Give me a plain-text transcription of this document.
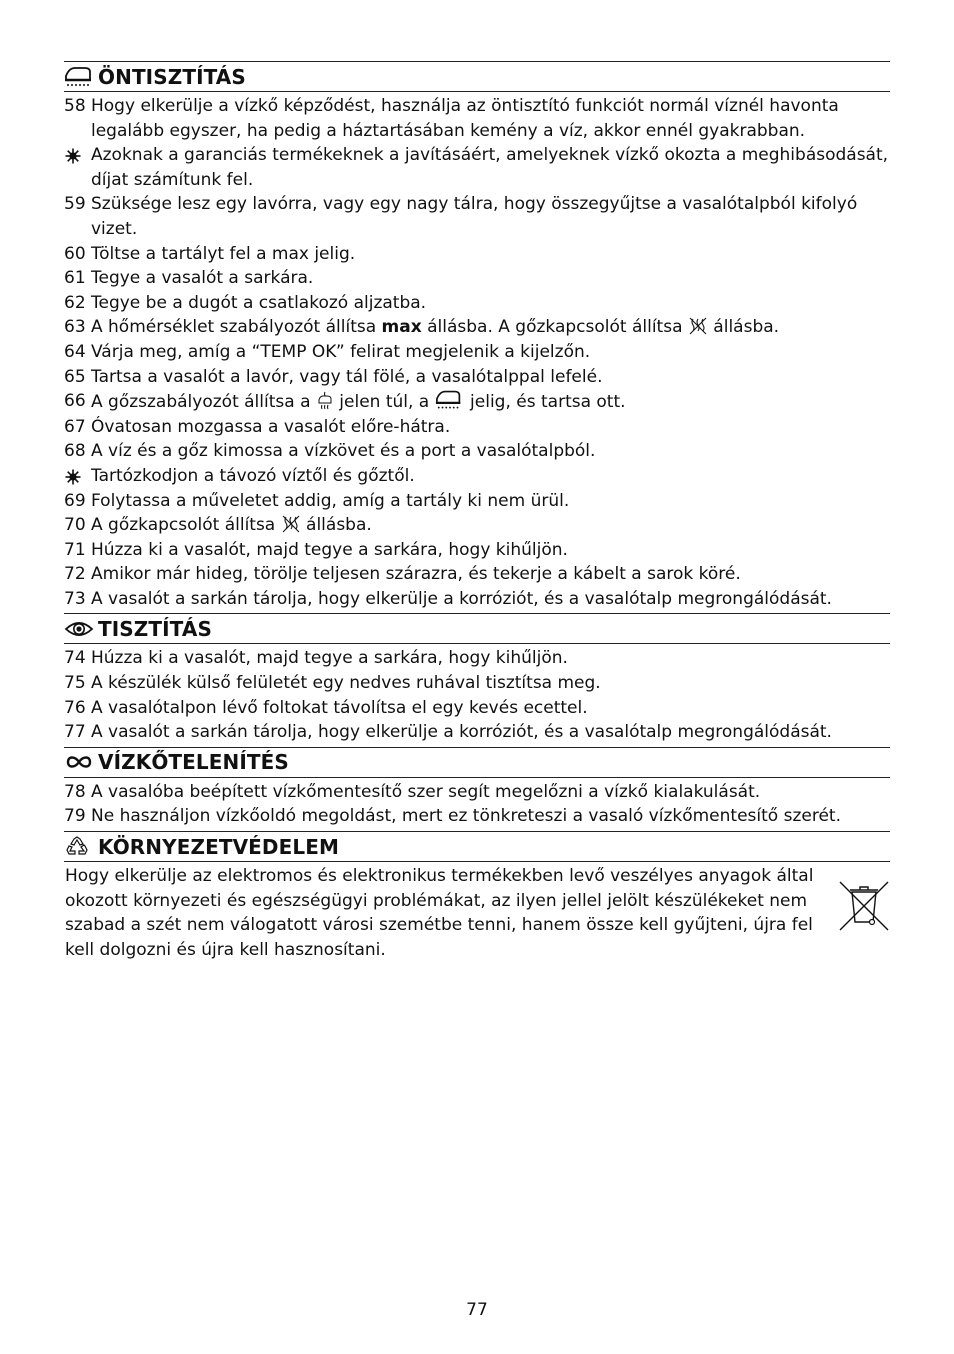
ÖNTISZTÍTÁS
58 Hogy elkerülje a vízkő képződést, használja az öntisztító funkciót normál víznél havonta legalább egyszer, ha pedig a háztartásában kemény a víz, akkor ennél gyakrabban.
Azoknak a garanciás termékeknek a javításáért, amelyeknek vízkő okozta a meghibásodását, díjat számítunk fel.
59 Szüksége lesz egy lavórra, vagy egy nagy tálra, hogy összegyűjtse a vasalótalpból kifolyó vizet.
60 Töltse a tartályt fel a max jelig.
61 Tegye a vasalót a sarkára.
62 Tegye be a dugót a csatlakozó aljzatba.
63 A hőmérséklet szabályozót állítsa max állásba. A gőzkapcsolót állítsa  állásba.
64 Várja meg, amíg a “TEMP OK” felirat megjelenik a kijelzőn.
65 Tartsa a vasalót a lavór, vagy tál fölé, a vasalótalppal lefelé.
66 A gőzszabályozót állítsa a  jelen túl, a  jelig, és tartsa ott.
67 Óvatosan mozgassa a vasalót előre-hátra.
68 A víz és a gőz kimossa a vízkövet és a port a vasalótalpból.
Tartózkodjon a távozó víztől és gőztől.
69 Folytassa a műveletet addig, amíg a tartály ki nem ürül.
70 A gőzkapcsolót állítsa  állásba.
71 Húzza ki a vasalót, majd tegye a sarkára, hogy kihűljön.
72 Amikor már hideg, törölje teljesen szárazra, és tekerje a kábelt a sarok köré.
73 A vasalót a sarkán tárolja, hogy elkerülje a korróziót, és a vasalótalp megrongálódását.
TISZTÍTÁS
74 Húzza ki a vasalót, majd tegye a sarkára, hogy kihűljön.
75 A készülék külső felületét egy nedves ruhával tisztítsa meg.
76 A vasalótalpon lévő foltokat távolítsa el egy kevés ecettel.
77 A vasalót a sarkán tárolja, hogy elkerülje a korróziót, és a vasalótalp megrongálódását.
VÍZKŐTELENÍTÉS
78 A vasalóba beépített vízkőmentesítő szer segít megelőzni a vízkő kialakulását.
79 Ne használjon vízkőoldó megoldást, mert ez tönkreteszi a vasaló vízkőmentesítő szerét.
KÖRNYEZETVÉDELEM
Hogy elkerülje az elektromos és elektronikus termékekben levő veszélyes anyagok által okozott környezeti és egészségügyi problémákat, az ilyen jellel jelölt készülékeket nem szabad a szét nem válogatott városi szemétbe tenni, hanem össze kell gyűjteni, újra fel kell dolgozni és újra kell hasznosítani.
77
